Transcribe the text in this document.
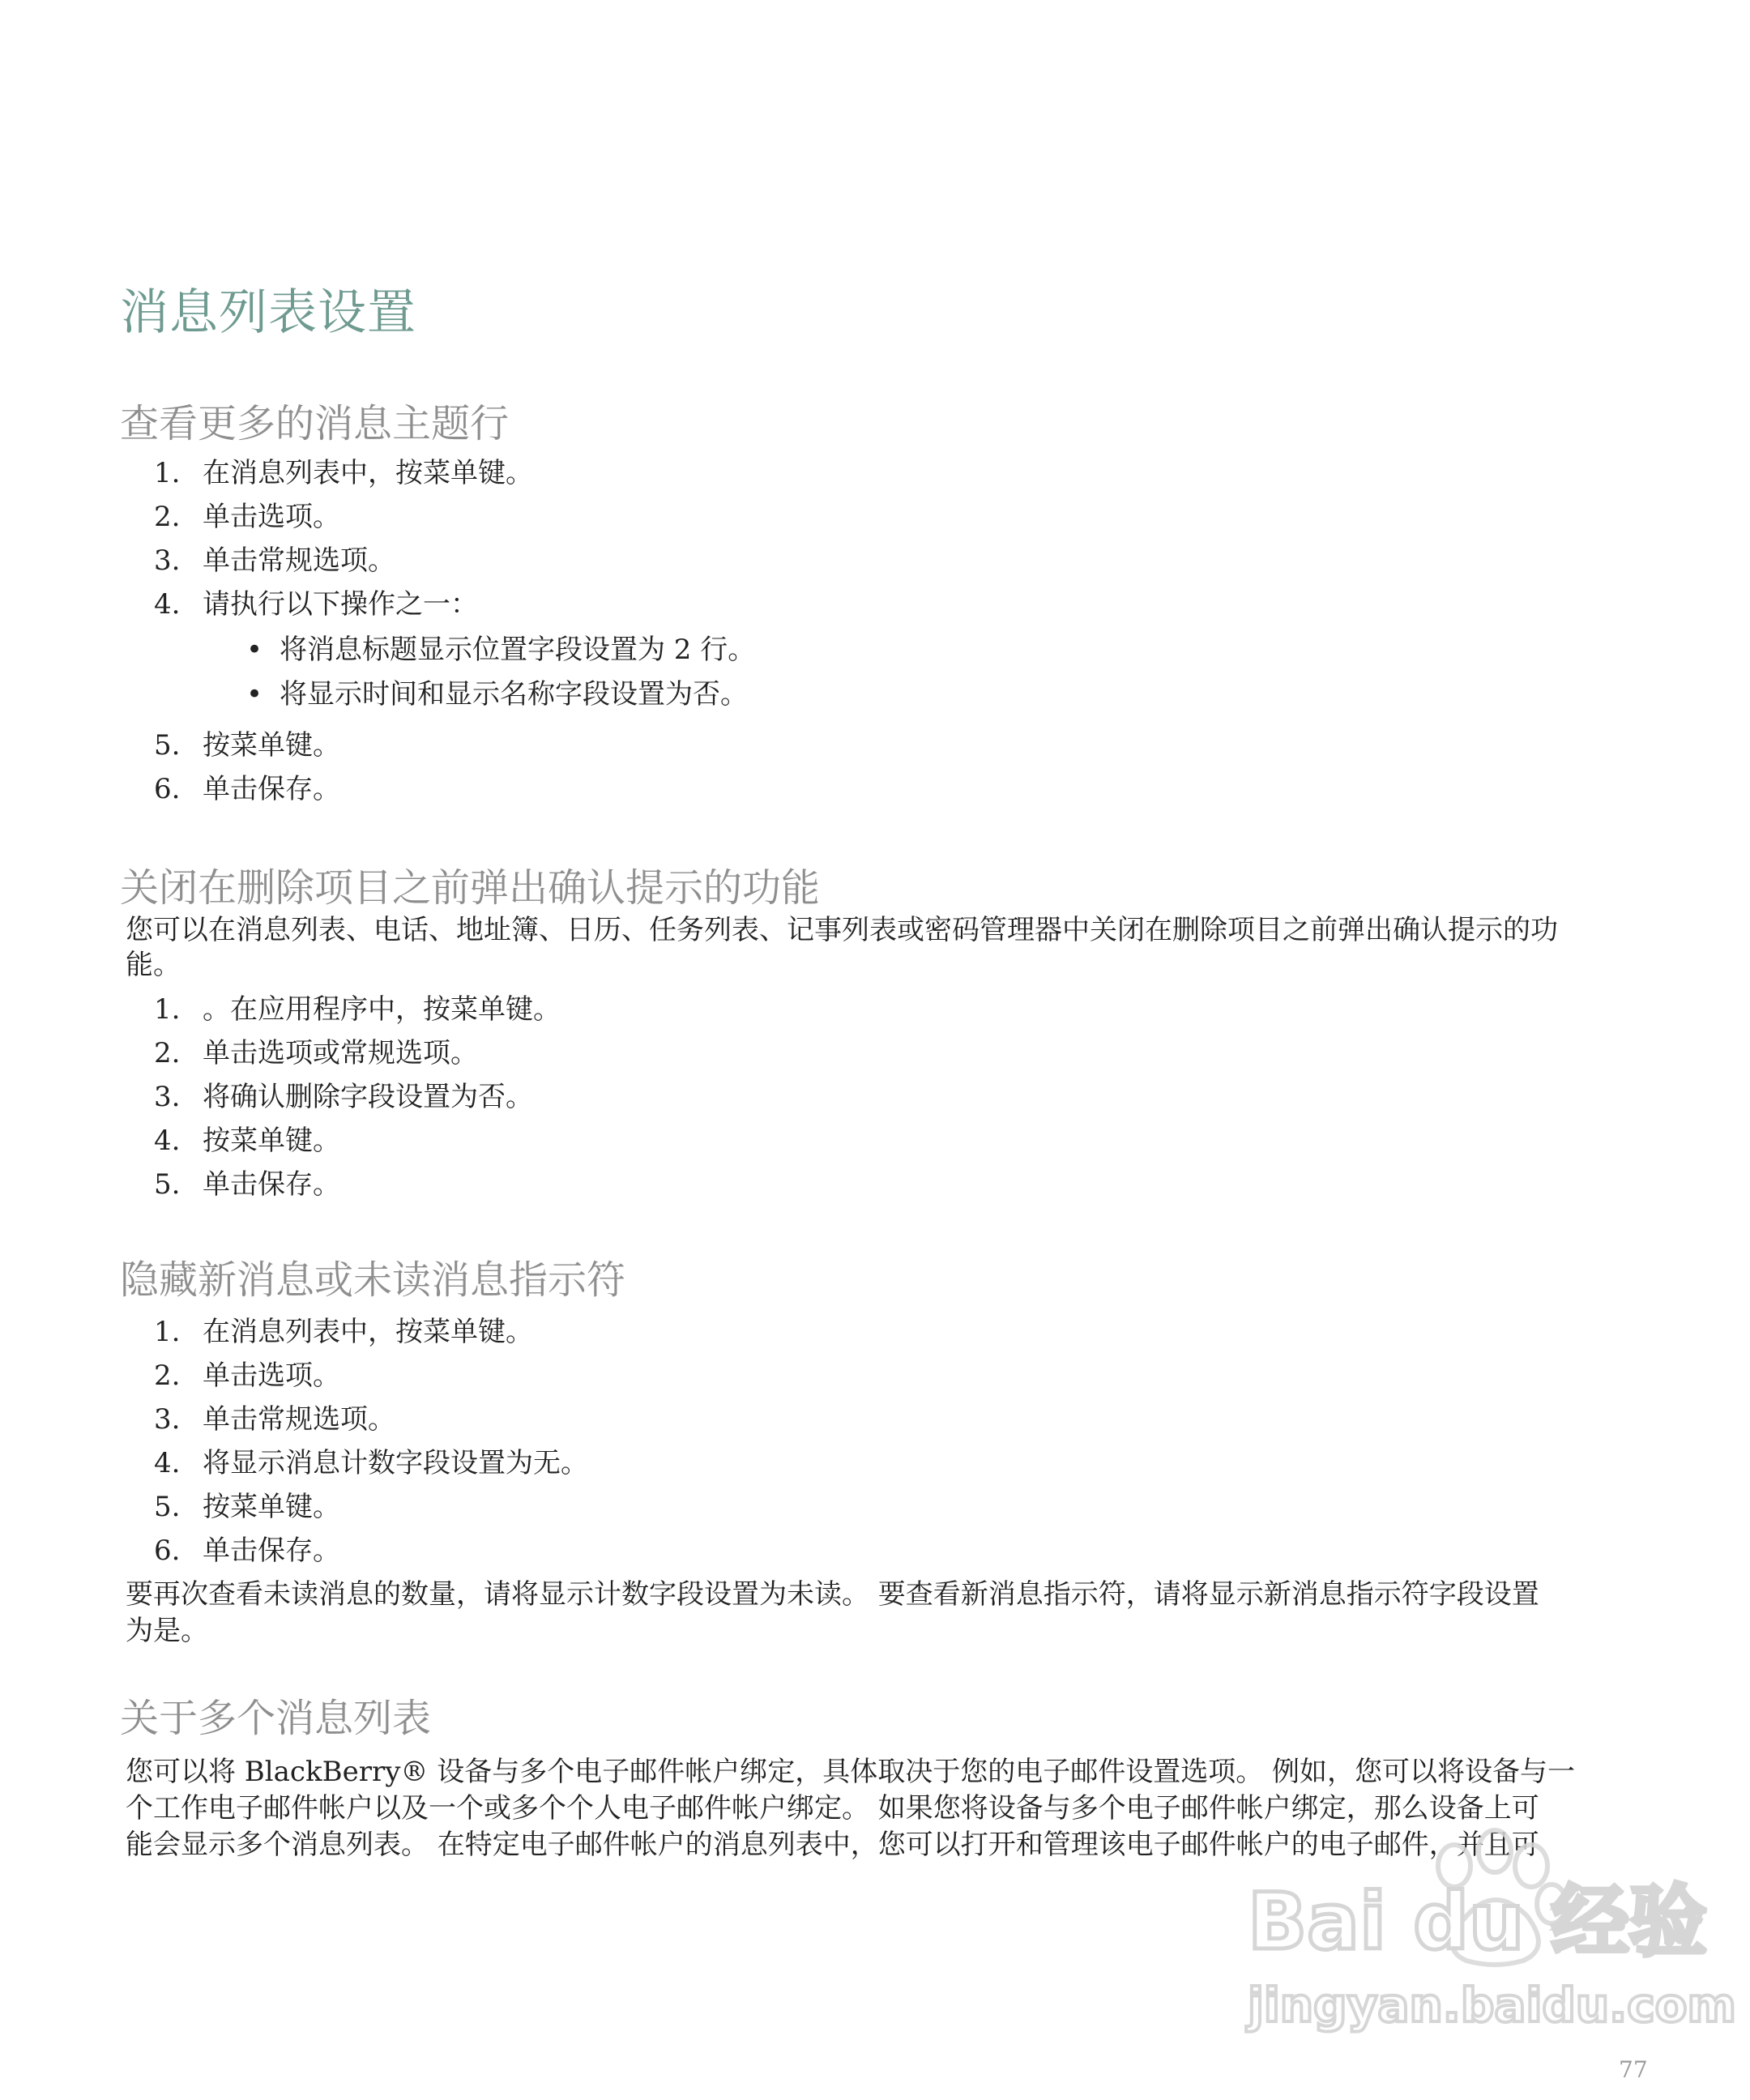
消息列表设置
查看更多的消息主题行
1. 在消息列表中，按菜单键。
2. 单击选项。
3. 单击常规选项。
4. 请执行以下操作之一：
• 将消息标题显示位置字段设置为 2 行。
• 将显示时间和显示名称字段设置为否。
5. 按菜单键。
6. 单击保存。
关闭在删除项目之前弹出确认提示的功能

您可以在消息列表、电话、地址簿、日历、任务列表、记事列表或密码管理器中关闭在删除项目之前弹出确认提示的功

能。

1. 。在应用程序中，按菜单键。
2. 单击选项或常规选项。
3. 将确认删除字段设置为否。
4. 按菜单键。
5. 单击保存。
隐藏新消息或未读消息指示符
1. 在消息列表中，按菜单键。
2. 单击选项。
3. 单击常规选项。
4. 将显示消息计数字段设置为无。
5. 按菜单键。
6. 单击保存。

要再次查看未读消息的数量，请将显示计数字段设置为未读。 要查看新消息指示符，请将显示新消息指示符字段设置

为是。

关于多个消息列表

您可以将 BlackBerry® 设备与多个电子邮件帐户绑定，具体取决于您的电子邮件设置选项。 例如，您可以将设备与一

个工作电子邮件帐户以及一个或多个个人电子邮件帐户绑定。 如果您将设备与多个电子邮件帐户绑定，那么设备上可

能会显示多个消息列表。 在特定电子邮件帐户的消息列表中，您可以打开和管理该电子邮件帐户的电子邮件，并且可

Bai du 经验
jingyan.baidu.com
77
